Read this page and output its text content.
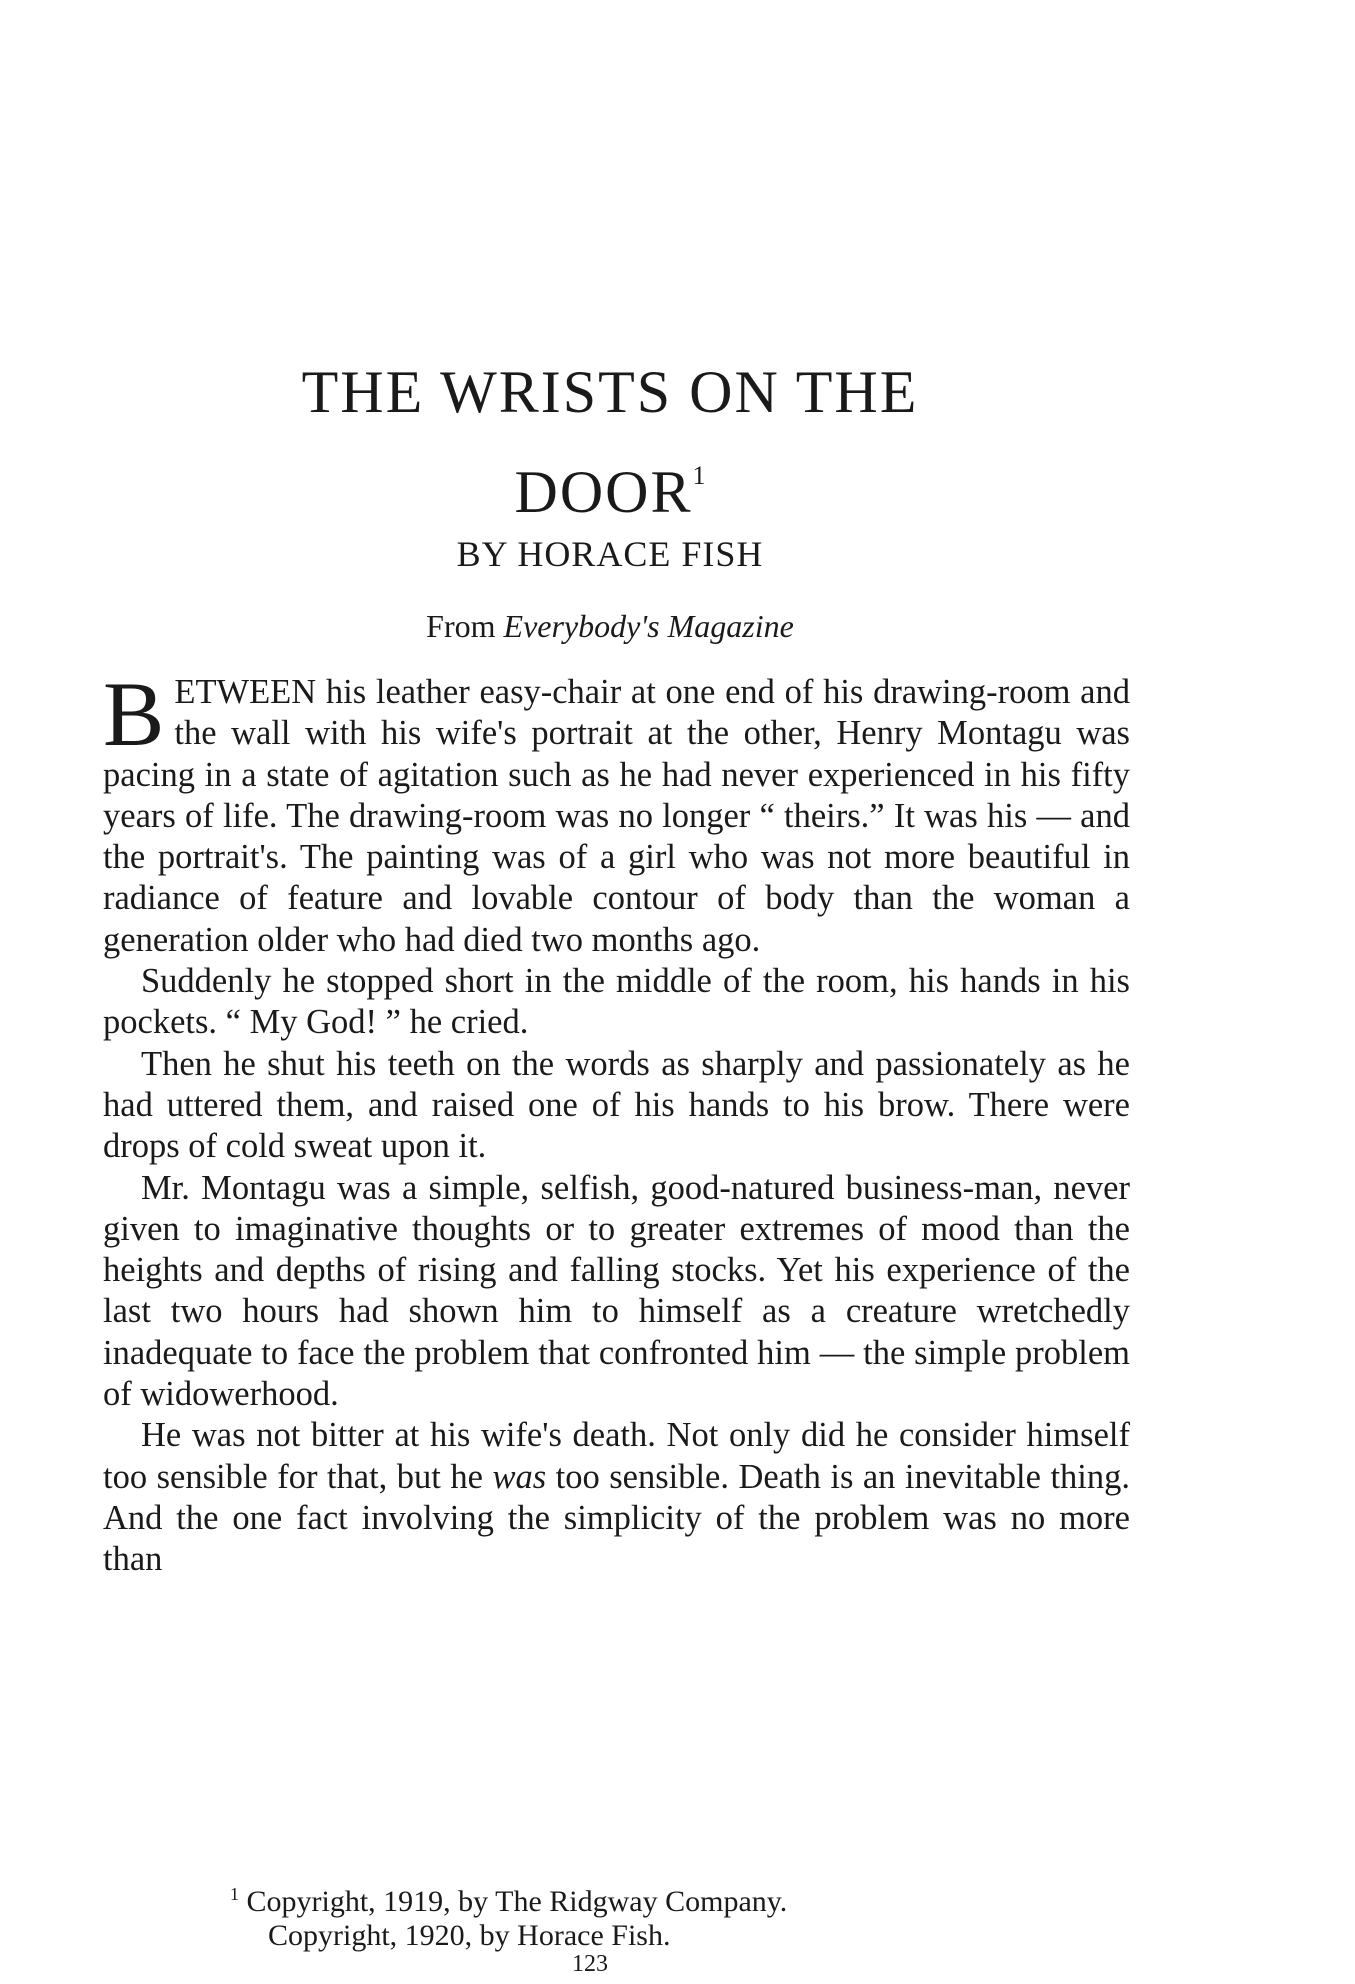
THE WRISTS ON THE
DOOR$^1$
BY HORACE FISH
From Everybody's Magazine

BETWEEN his leather easy-chair at one end of his drawing-room and the wall with his wife's portrait at the other, Henry Montagu was pacing in a state of agitation such as he had never experienced in his fifty years of life. The drawing-room was no longer “ theirs.” It was his — and the portrait's. The painting was of a girl who was not more beautiful in radiance of feature and lovable contour of body than the woman a generation older who had died two months ago.

Suddenly he stopped short in the middle of the room, his hands in his pockets. “ My God! ” he cried.

Then he shut his teeth on the words as sharply and passionately as he had uttered them, and raised one of his hands to his brow. There were drops of cold sweat upon it.

Mr. Montagu was a simple, selfish, good-natured business-man, never given to imaginative thoughts or to greater extremes of mood than the heights and depths of rising and falling stocks. Yet his experience of the last two hours had shown him to himself as a creature wretchedly inadequate to face the problem that confronted him — the simple problem of widowerhood.

He was not bitter at his wife's death. Not only did he consider himself too sensible for that, but he was too sensible. Death is an inevitable thing. And the one fact involving the simplicity of the problem was no more than

$^1$ Copyright, 1919, by The Ridgway Company.
Copyright, 1920, by Horace Fish.
123
